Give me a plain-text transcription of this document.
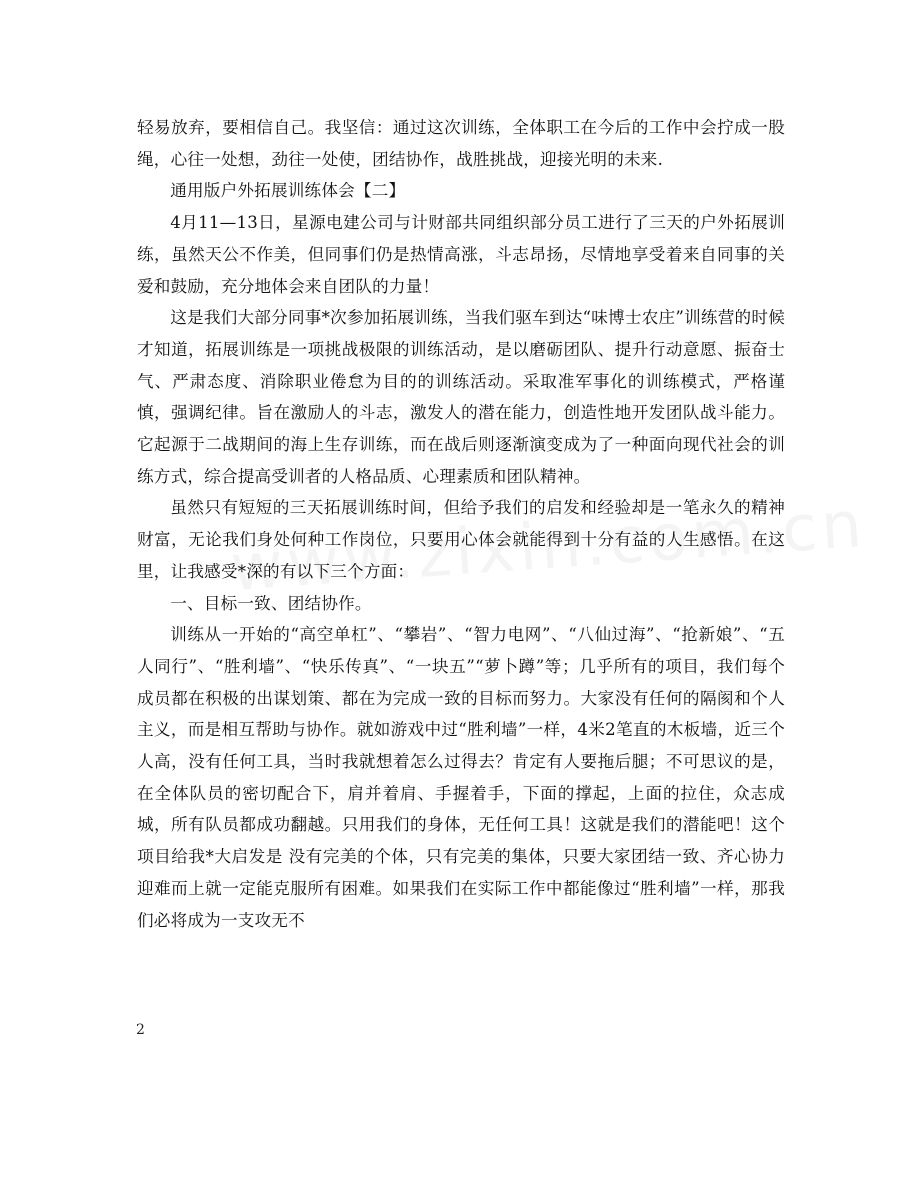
轻易放弃，要相信自己。我坚信：通过这次训练，全体职工在今后的工作中会拧成一股绳，心往一处想，劲往一处使，团结协作，战胜挑战，迎接光明的未来.

通用版户外拓展训练体会【二】

4月11—13日，星源电建公司与计财部共同组织部分员工进行了三天的户外拓展训练，虽然天公不作美，但同事们仍是热情高涨，斗志昂扬，尽情地享受着来自同事的关爱和鼓励，充分地体会来自团队的力量！

这是我们大部分同事*次参加拓展训练，当我们驱车到达“味博士农庄”训练营的时候才知道，拓展训练是一项挑战极限的训练活动，是以磨砺团队、提升行动意愿、振奋士气、严肃态度、消除职业倦怠为目的的训练活动。采取准军事化的训练模式，严格谨慎，强调纪律。旨在激励人的斗志，激发人的潜在能力，创造性地开发团队战斗能力。它起源于二战期间的海上生存训练，而在战后则逐渐演变成为了一种面向现代社会的训练方式，综合提高受训者的人格品质、心理素质和团队精神。

虽然只有短短的三天拓展训练时间，但给予我们的启发和经验却是一笔永久的精神财富，无论我们身处何种工作岗位，只要用心体会就能得到十分有益的人生感悟。在这里，让我感受*深的有以下三个方面：

一、目标一致、团结协作。

训练从一开始的“高空单杠”、“攀岩”、“智力电网”、“八仙过海”、“抢新娘”、“五人同行”、“胜利墙”、“快乐传真”、“一块五”“萝卜蹲”等；几乎所有的项目，我们每个成员都在积极的出谋划策、都在为完成一致的目标而努力。大家没有任何的隔阂和个人主义，而是相互帮助与协作。就如游戏中过“胜利墙”一样，4米2笔直的木板墙，近三个人高，没有任何工具，当时我就想着怎么过得去？肯定有人要拖后腿；不可思议的是，在全体队员的密切配合下，肩并着肩、手握着手，下面的撑起，上面的拉住，众志成城，所有队员都成功翻越。只用我们的身体，无任何工具！这就是我们的潜能吧！这个项目给我*大启发是 没有完美的个体，只有完美的集体，只要大家团结一致、齐心协力迎难而上就一定能克服所有困难。如果我们在实际工作中都能像过“胜利墙”一样，那我们必将成为一支攻无不

2
